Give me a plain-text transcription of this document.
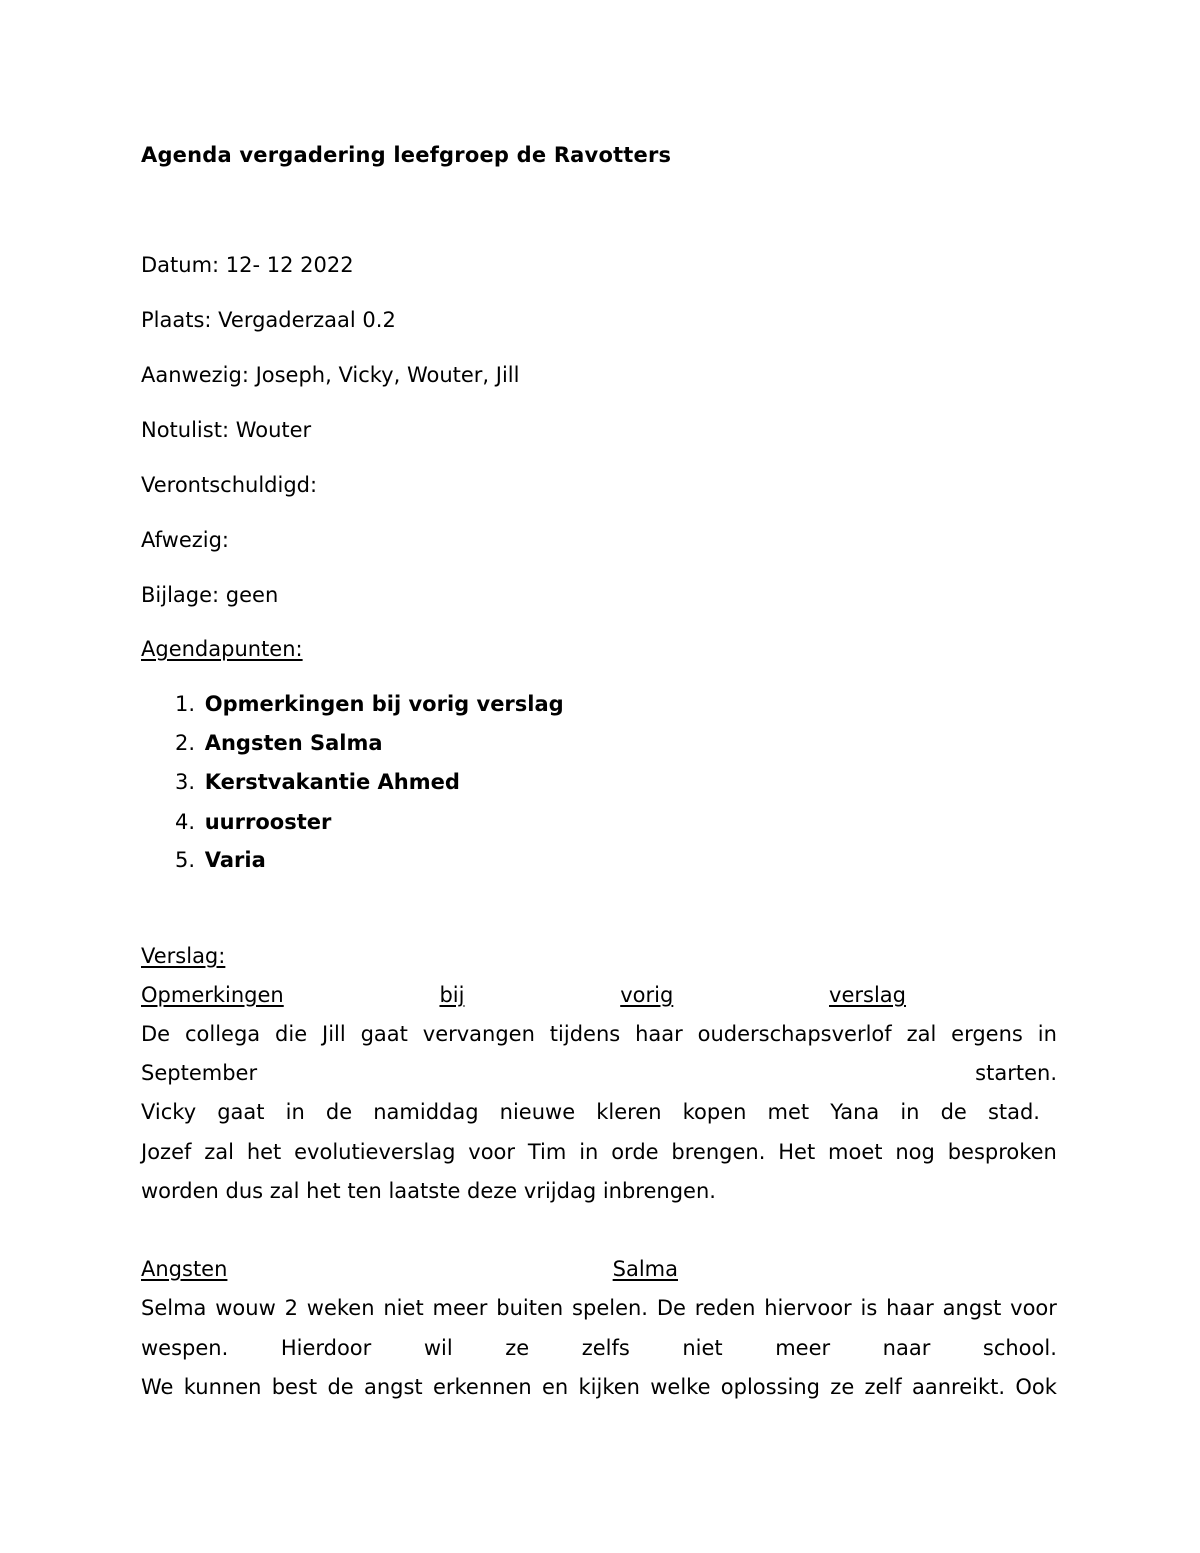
Agenda vergadering leefgroep de Ravotters
Datum: 12- 12 2022
Plaats: Vergaderzaal 0.2
Aanwezig: Joseph, Vicky, Wouter, Jill
Notulist: Wouter
Verontschuldigd:
Afwezig:
Bijlage: geen
Agendapunten:
1. Opmerkingen bij vorig verslag
2. Angsten Salma
3. Kerstvakantie Ahmed
4. uurrooster
5. Varia
Verslag:
Opmerkingen	bij	vorig	verslag
De collega die Jill gaat vervangen tijdens haar ouderschapsverlof zal ergens in
September	starten.
Vicky gaat in de namiddag nieuwe kleren kopen met Yana in de stad.
Jozef zal het evolutieverslag voor Tim in orde brengen. Het moet nog besproken
worden dus zal het ten laatste deze vrijdag inbrengen.
Angsten	Salma
Selma wouw 2 weken niet meer buiten spelen. De reden hiervoor is haar angst voor
wespen.	Hierdoor	wil	ze	zelfs	niet	meer	naar	school.
We kunnen best de angst erkennen en kijken welke oplossing ze zelf aanreikt. Ook
